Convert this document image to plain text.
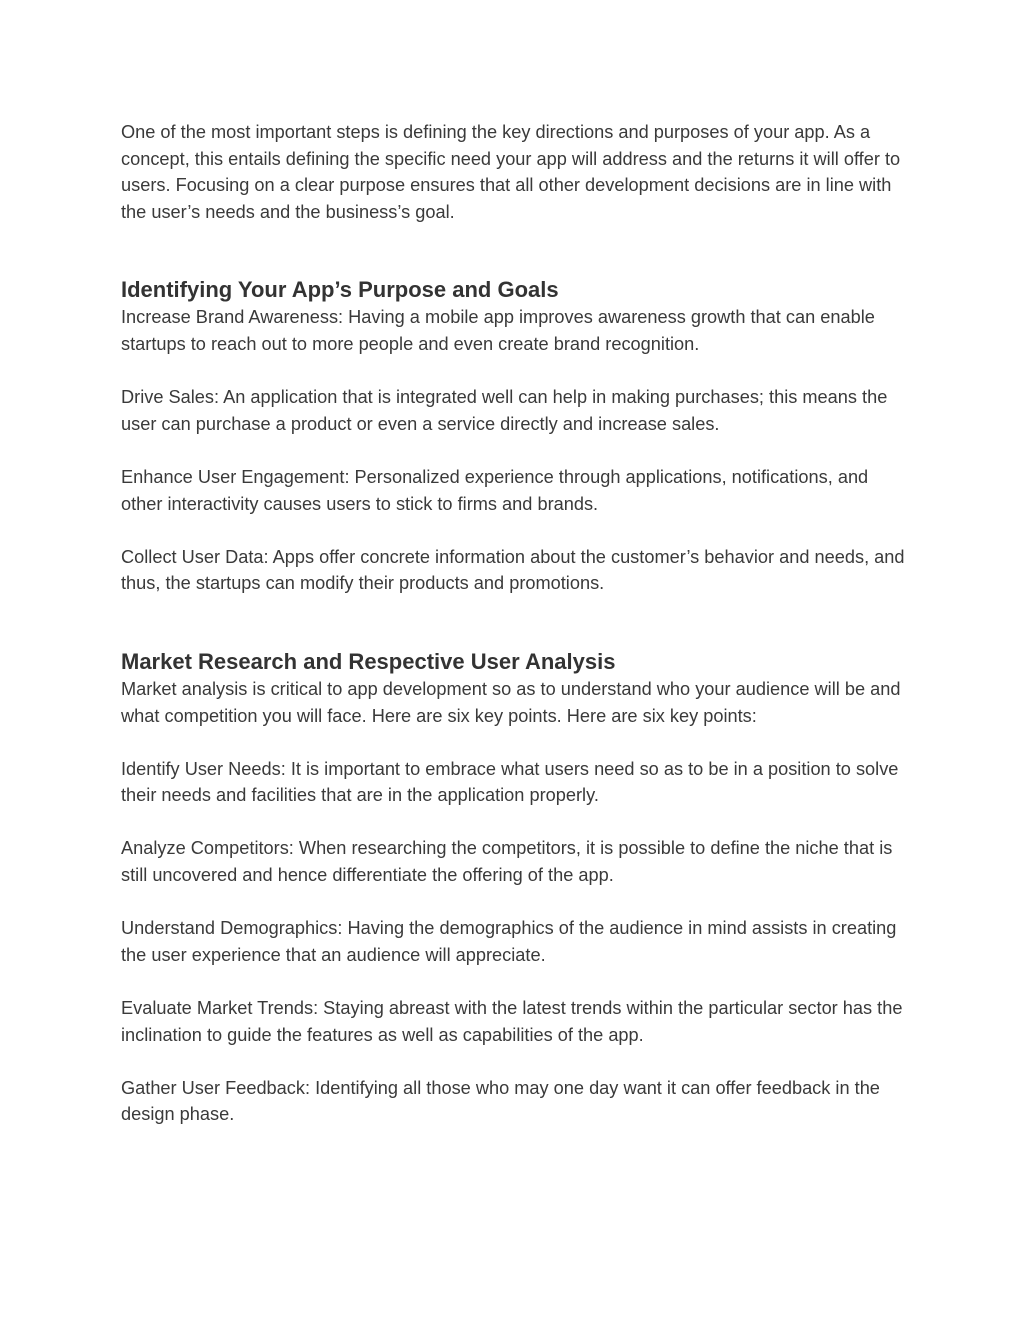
One of the most important steps is defining the key directions and purposes of your app. As a concept, this entails defining the specific need your app will address and the returns it will offer to users. Focusing on a clear purpose ensures that all other development decisions are in line with the user’s needs and the business’s goal.

Identifying Your App’s Purpose and Goals

Increase Brand Awareness: Having a mobile app improves awareness growth that can enable startups to reach out to more people and even create brand recognition.

Drive Sales: An application that is integrated well can help in making purchases; this means the user can purchase a product or even a service directly and increase sales.

Enhance User Engagement: Personalized experience through applications, notifications, and other interactivity causes users to stick to firms and brands.

Collect User Data: Apps offer concrete information about the customer’s behavior and needs, and thus, the startups can modify their products and promotions.

Market Research and Respective User Analysis

Market analysis is critical to app development so as to understand who your audience will be and what competition you will face. Here are six key points. Here are six key points:

Identify User Needs: It is important to embrace what users need so as to be in a position to solve their needs and facilities that are in the application properly.

Analyze Competitors: When researching the competitors, it is possible to define the niche that is still uncovered and hence differentiate the offering of the app.

Understand Demographics: Having the demographics of the audience in mind assists in creating the user experience that an audience will appreciate.

Evaluate Market Trends: Staying abreast with the latest trends within the particular sector has the inclination to guide the features as well as capabilities of the app.

Gather User Feedback: Identifying all those who may one day want it can offer feedback in the design phase.
